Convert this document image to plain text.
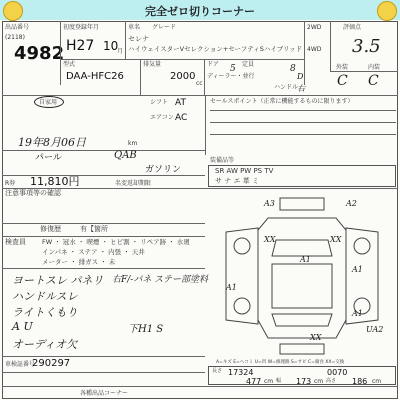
完全ゼロ切りコーナー
出品番号
(2118)
4982
初度登録年月
H27 10
月
車名 グレード
セレナ
ハイウェイスターVセレクション+セーフティSハイブリッド
2WD
4WD
評価点
3.5
型式
DAA-HFC26
排気量
2000
cc
ドア 5 定員	8
ディーラー・並行	D
ハンドル
右
外装	内装
C C
自家用	シフト AT
エアコン AC
セールスポイント（正常に機能するものに限ります）
19年8月06日	km
パール	QAB
ガソリン
装備品等
SR AW PW PS TV
サ ナ エ 革 ミ
R券 11,810円	名変返却期限
注意事項等の確認
修復歴	有【箇所
検査員 FW ・ 冠水 ・ 喫煙 ・ ヒビ割 ・ リペア跡 ・ 水廻
インパネ ・ ステア ・ 内張 ・ 天井
メーター ・ 排ガス ・ 未
ヨートスレ パネリ
ハンドルスレ
ライトくもり
A U
オーディオ欠
右F/-パネ ステー部塗料
下H1 S
車検証番号
290297
各種出品コーナー
A3	A2
A1
A1
A1
A1
UA2
XX	XX
XX
A=キズ E=ヘコミ U=凹 W=修理跡 S=サビ C=腐食 XX=交換
長さ 17324	0070
477 cm 幅 173 cm 高さ 186 cm
